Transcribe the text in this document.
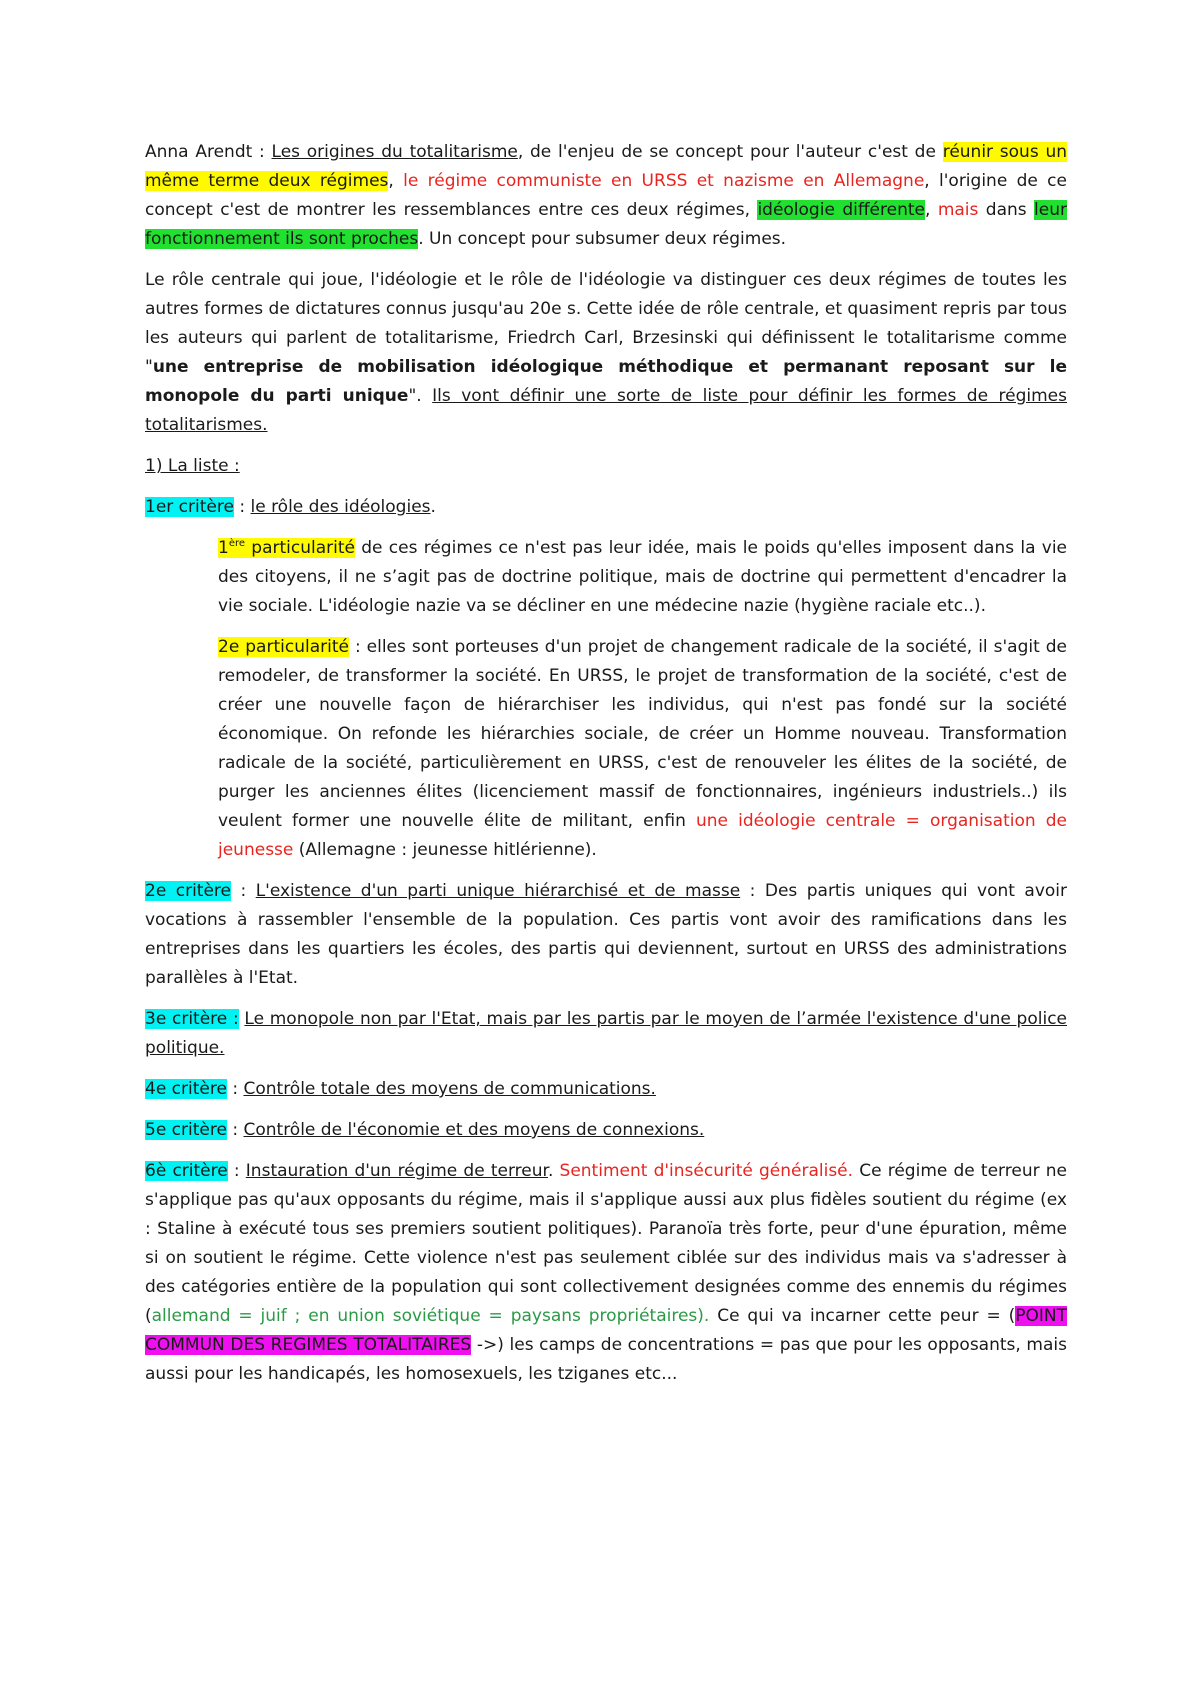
Anna Arendt : Les origines du totalitarisme, de l'enjeu de se concept pour l'auteur c'est de réunir sous un même terme deux régimes, le régime communiste en URSS et nazisme en Allemagne, l'origine de ce concept c'est de montrer les ressemblances entre ces deux régimes, idéologie différente, mais dans leur fonctionnement ils sont proches. Un concept pour subsumer deux régimes.

Le rôle centrale qui joue, l'idéologie et le rôle de l'idéologie va distinguer ces deux régimes de toutes les autres formes de dictatures connus jusqu'au 20e s. Cette idée de rôle centrale, et quasiment repris par tous les auteurs qui parlent de totalitarisme, Friedrch Carl, Brzesinski qui définissent le totalitarisme comme "une entreprise de mobilisation idéologique méthodique et permanant reposant sur le monopole du parti unique". Ils vont définir une sorte de liste pour définir les formes de régimes totalitarismes.

1) La liste :

1er critère : le rôle des idéologies.

1ère particularité de ces régimes ce n'est pas leur idée, mais le poids qu'elles imposent dans la vie des citoyens, il ne s’agit pas de doctrine politique, mais de doctrine qui permettent d'encadrer la vie sociale. L'idéologie nazie va se décliner en une médecine nazie (hygiène raciale etc..).

2e particularité : elles sont porteuses d'un projet de changement radicale de la société, il s'agit de remodeler, de transformer la société. En URSS, le projet de transformation de la société, c'est de créer une nouvelle façon de hiérarchiser les individus, qui n'est pas fondé sur la société économique. On refonde les hiérarchies sociale, de créer un Homme nouveau. Transformation radicale de la société, particulièrement en URSS, c'est de renouveler les élites de la société, de purger les anciennes élites (licenciement massif de fonctionnaires, ingénieurs industriels..) ils veulent former une nouvelle élite de militant, enfin une idéologie centrale = organisation de jeunesse (Allemagne : jeunesse hitlérienne).

2e critère : L'existence d'un parti unique hiérarchisé et de masse : Des partis uniques qui vont avoir vocations à rassembler l'ensemble de la population. Ces partis vont avoir des ramifications dans les entreprises dans les quartiers les écoles, des partis qui deviennent, surtout en URSS des administrations parallèles à l'Etat.

3e critère : Le monopole non par l'Etat, mais par les partis par le moyen de l’armée l'existence d'une police politique.

4e critère : Contrôle totale des moyens de communications.

5e critère : Contrôle de l'économie et des moyens de connexions.

6è critère : Instauration d'un régime de terreur. Sentiment d'insécurité généralisé. Ce régime de terreur ne s'applique pas qu'aux opposants du régime, mais il s'applique aussi aux plus fidèles soutient du régime (ex : Staline à exécuté tous ses premiers soutient politiques). Paranoïa très forte, peur d'une épuration, même si on soutient le régime. Cette violence n'est pas seulement ciblée sur des individus mais va s'adresser à des catégories entière de la population qui sont collectivement designées comme des ennemis du régimes (allemand = juif ; en union soviétique = paysans propriétaires). Ce qui va incarner cette peur = (POINT COMMUN DES REGIMES TOTALITAIRES ->) les camps de concentrations = pas que pour les opposants, mais aussi pour les handicapés, les homosexuels, les tziganes etc...
